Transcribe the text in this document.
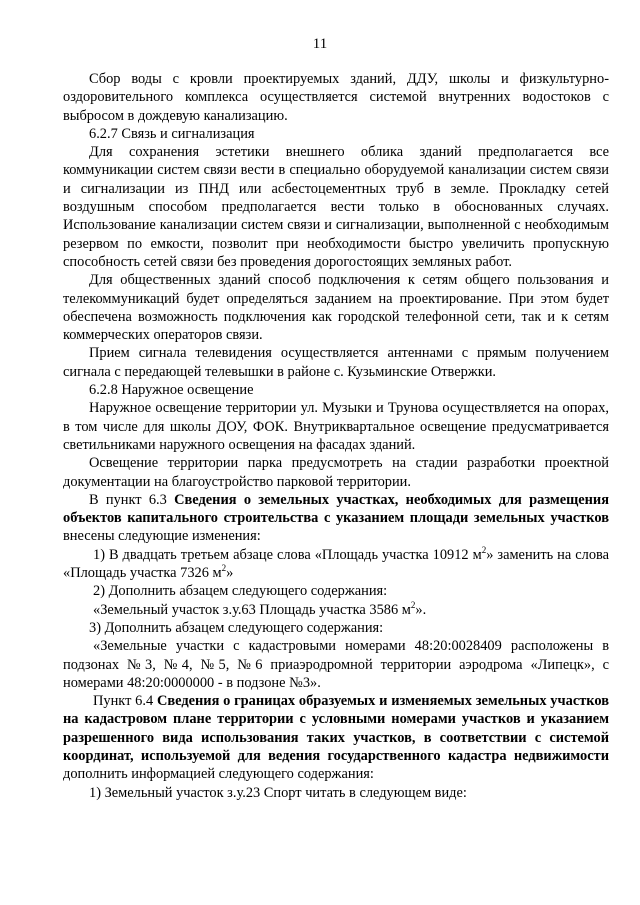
11

Сбор воды с кровли проектируемых зданий, ДДУ, школы и физкультурно-оздоровительного комплекса осуществляется системой внутренних водостоков с выбросом в дождевую канализацию.

6.2.7 Связь и сигнализация

Для сохранения эстетики внешнего облика зданий предполагается все коммуникации систем связи вести в специально оборудуемой канализации систем связи и сигнализации из ПНД или асбестоцементных труб в земле. Прокладку сетей воздушным способом предполагается вести только в обоснованных случаях. Использование канализации систем связи и сигнализации, выполненной с необходимым резервом по емкости, позволит при необходимости быстро увеличить пропускную способность сетей связи без проведения дорогостоящих земляных работ.

Для общественных зданий способ подключения к сетям общего пользования и телекоммуникаций будет определяться заданием на проектирование. При этом будет обеспечена возможность подключения как городской телефонной сети, так и к сетям коммерческих операторов связи.

Прием сигнала телевидения осуществляется антеннами с прямым получением сигнала с передающей телевышки в районе с. Кузьминские Отвержки.

6.2.8 Наружное освещение

Наружное освещение территории ул. Музыки и Трунова осуществляется на опорах, в том числе для школы ДОУ, ФОК. Внутриквартальное освещение предусматривается светильниками наружного освещения на фасадах зданий.

Освещение территории парка предусмотреть на стадии разработки проектной документации на благоустройство парковой территории.

В пункт 6.3 Сведения о земельных участках, необходимых для размещения объектов капитального строительства с указанием площади земельных участков внесены следующие изменения:

1) В двадцать третьем абзаце слова «Площадь участка 10912 $м^2$» заменить на слова «Площадь участка 7326 $м^2$»

2) Дополнить абзацем следующего содержания:

«Земельный участок з.у.63 Площадь участка 3586 $м^2$».

3) Дополнить абзацем следующего содержания:

«Земельные участки с кадастровыми номерами 48:20:0028409 расположены в подзонах №3, №4, №5, №6 приаэродромной территории аэродрома «Липецк», с номерами 48:20:0000000 - в подзоне №3».

Пункт 6.4 Сведения о границах образуемых и изменяемых земельных участков на кадастровом плане территории с условными номерами участков и указанием разрешенного вида использования таких участков, в соответствии с системой координат, используемой для ведения государственного кадастра недвижимости дополнить информацией следующего содержания:

1) Земельный участок з.у.23 Спорт читать в следующем виде:
